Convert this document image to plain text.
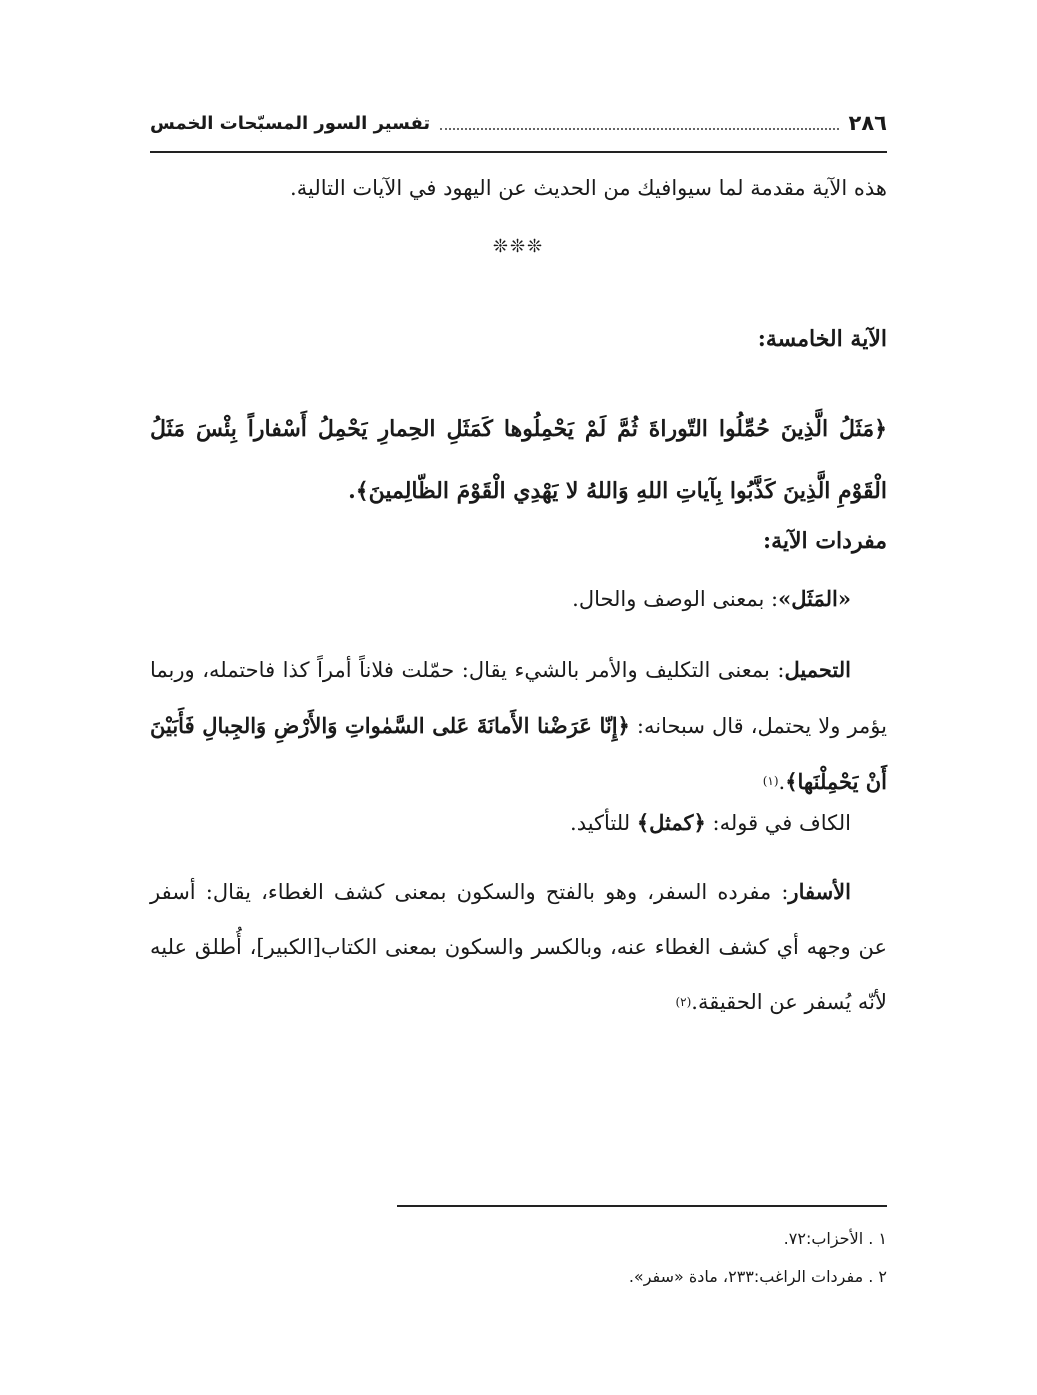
٢٨٦
تفسير السور المسبّحات الخمس

هذه الآية مقدمة لما سيوافيك من الحديث عن اليهود في الآيات التالية.

❊❊❊

الآية الخامسة:

﴿مَثَلُ الَّذِينَ حُمِّلُوا التّوراةَ ثُمَّ لَمْ يَحْمِلُوها كَمَثَلِ الحِمارِ يَحْمِلُ أَسْفاراً بِئْسَ مَثَلُ الْقَوْمِ الَّذِينَ كَذَّبُوا بِآياتِ اللهِ وَاللهُ لا يَهْدِي الْقَوْمَ الظّالِمينَ﴾.

مفردات الآية:

«المَثَل»: بمعنى الوصف والحال.

التحميل: بمعنى التكليف والأمر بالشيء يقال: حمّلت فلاناً أمراً كذا فاحتمله، وربما يؤمر ولا يحتمل، قال سبحانه: ﴿إِنّا عَرَضْنا الأَمانَةَ عَلى السَّمٰواتِ وَالأَرْضِ وَالجِبالِ فَأَبَيْنَ أَنْ يَحْمِلْنَها﴾.$^{(١)}$

الكاف في قوله: ﴿كمثل﴾ للتأكيد.

الأسفار: مفرده السفر، وهو بالفتح والسكون بمعنى كشف الغطاء، يقال: أسفر عن وجهه أي كشف الغطاء عنه، وبالكسر والسكون بمعنى الكتاب[الكبير]، أُطلق عليه لأنّه يُسفر عن الحقيقة.$^{(٢)}$

١ . الأحزاب:٧٢.
٢ . مفردات الراغب:٢٣٣، مادة «سفر».
